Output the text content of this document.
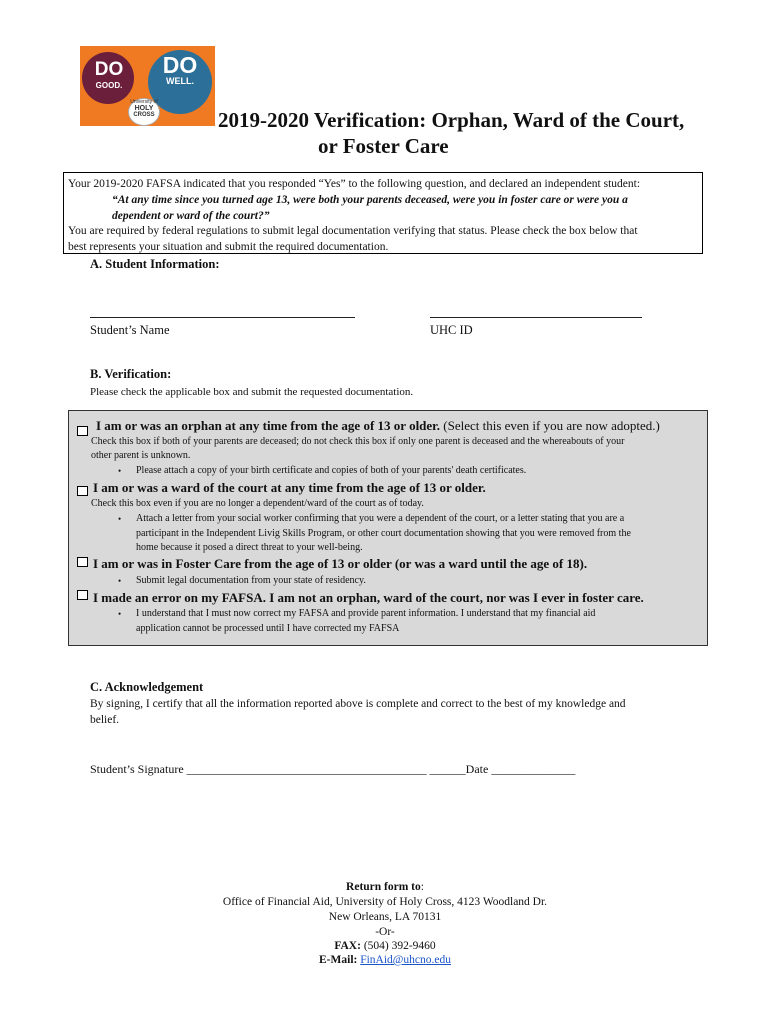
DO
GOOD.
DO
WELL.
University of
HOLY
CROSS	2019-2020 Verification: Orphan, Ward of the Court,
or Foster Care
Your 2019-2020 FAFSA indicated that you responded “Yes” to the following question, and declared an independent student:
“At any time since you turned age 13, were both your parents deceased, were you in foster care or were you a
dependent or ward of the court?”
You are required by federal regulations to submit legal documentation verifying that status. Please check the box below that
best represents your situation and submit the required documentation.
A. Student Information:
Student’s Name	UHC ID
B. Verification:
Please check the applicable box and submit the requested documentation.
I am or was an orphan at any time from the age of 13 or older. (Select this even if you are now adopted.)
Check this box if both of your parents are deceased; do not check this box if only one parent is deceased and the whereabouts of your
other parent is unknown.
• Please attach a copy of your birth certificate and copies of both of your parents' death certificates.
I am or was a ward of the court at any time from the age of 13 or older.
Check this box even if you are no longer a dependent/ward of the court as of today.
• Attach a letter from your social worker confirming that you were a dependent of the court, or a letter stating that you are a
participant in the Independent Livig Skills Program, or other court documentation showing that you were removed from the
home because it posed a direct threat to your well-being.
I am or was in Foster Care from the age of 13 or older (or was a ward until the age of 18).
• Submit legal documentation from your state of residency.
I made an error on my FAFSA. I am not an orphan, ward of the court, nor was I ever in foster care.
• I understand that I must now correct my FAFSA and provide parent information. I understand that my financial aid
application cannot be processed until I have corrected my FAFSA
C. Acknowledgement
By signing, I certify that all the information reported above is complete and correct to the best of my knowledge and
belief.
Student’s Signature ________________________________________ ______Date ______________
Return form to:
Office of Financial Aid, University of Holy Cross, 4123 Woodland Dr.
New Orleans, LA 70131
-Or-
FAX: (504) 392-9460
E-Mail: FinAid@uhcno.edu
